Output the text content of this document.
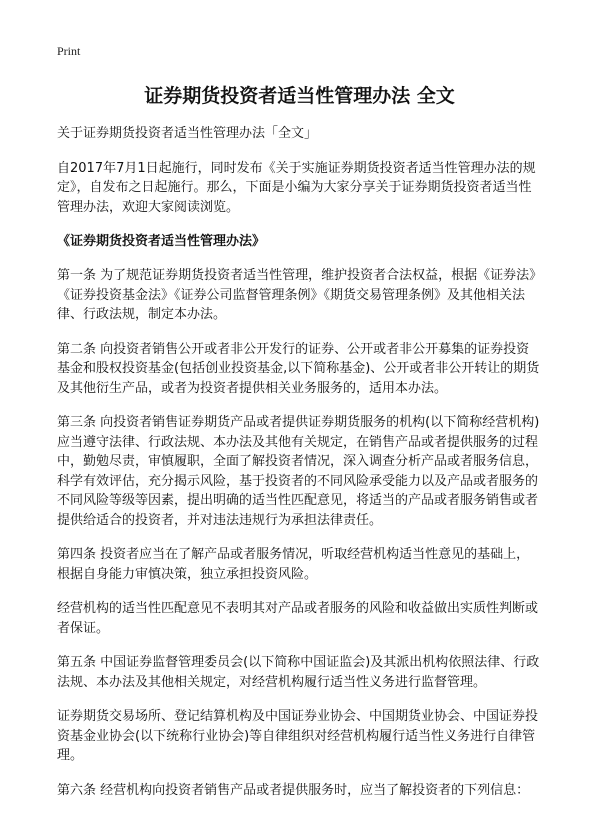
Print
证券期货投资者适当性管理办法 全文

关于证券期货投资者适当性管理办法「全文」

自2017年7月1日起施行，同时发布《关于实施证券期货投资者适当性管理办法的规定》，自发布之日起施行。那么，下面是小编为大家分享关于证券期货投资者适当性管理办法，欢迎大家阅读浏览。

《证券期货投资者适当性管理办法》

第一条 为了规范证券期货投资者适当性管理，维护投资者合法权益，根据《证券法》《证券投资基金法》《证券公司监督管理条例》《期货交易管理条例》及其他相关法律、行政法规，制定本办法。

第二条 向投资者销售公开或者非公开发行的证券、公开或者非公开募集的证券投资基金和股权投资基金(包括创业投资基金,以下简称基金)、公开或者非公开转让的期货及其他衍生产品，或者为投资者提供相关业务服务的，适用本办法。

第三条 向投资者销售证券期货产品或者提供证券期货服务的机构(以下简称经营机构)应当遵守法律、行政法规、本办法及其他有关规定，在销售产品或者提供服务的过程中，勤勉尽责，审慎履职，全面了解投资者情况，深入调查分析产品或者服务信息，科学有效评估，充分揭示风险，基于投资者的不同风险承受能力以及产品或者服务的不同风险等级等因素，提出明确的适当性匹配意见，将适当的产品或者服务销售或者提供给适合的投资者，并对违法违规行为承担法律责任。

第四条 投资者应当在了解产品或者服务情况，听取经营机构适当性意见的基础上，根据自身能力审慎决策，独立承担投资风险。

经营机构的适当性匹配意见不表明其对产品或者服务的风险和收益做出实质性判断或者保证。

第五条 中国证券监督管理委员会(以下简称中国证监会)及其派出机构依照法律、行政法规、本办法及其他相关规定，对经营机构履行适当性义务进行监督管理。

证券期货交易场所、登记结算机构及中国证券业协会、中国期货业协会、中国证券投资基金业协会(以下统称行业协会)等自律组织对经营机构履行适当性义务进行自律管理。

第六条 经营机构向投资者销售产品或者提供服务时，应当了解投资者的下列信息：
